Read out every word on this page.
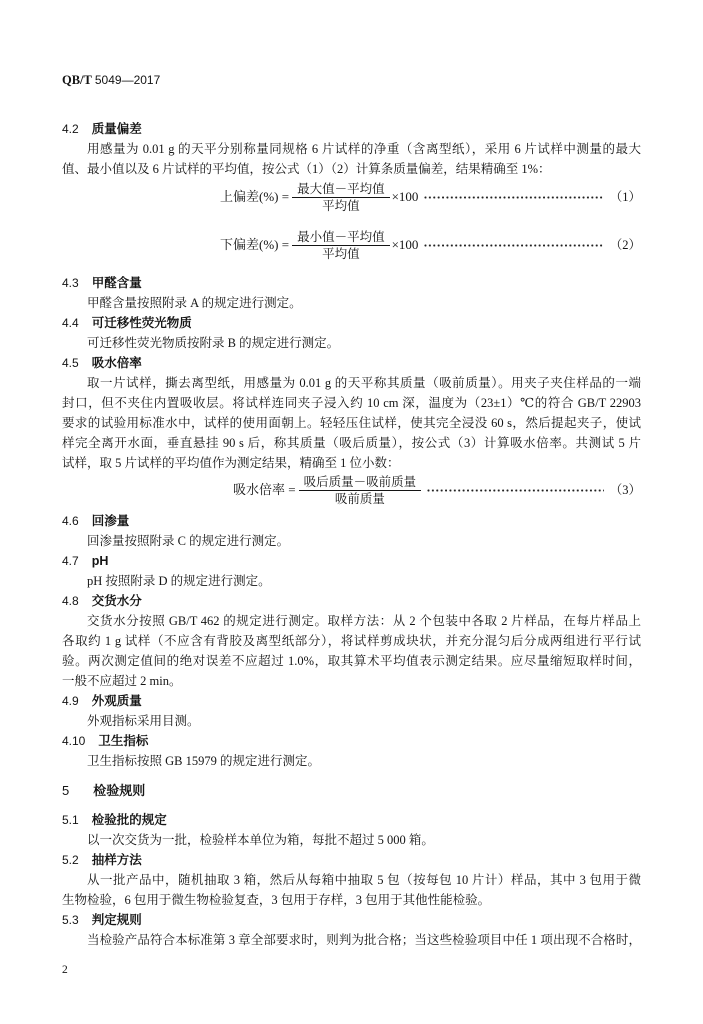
QB/T 5049—2017
4.2 质量偏差
用感量为 0.01 g 的天平分别称量同规格 6 片试样的净重（含离型纸），采用 6 片试样中测量的最大
值、最小值以及 6 片试样的平均值，按公式（1）（2）计算条质量偏差，结果精确至 1%：
上偏差(%) = $\frac{\text{最大值－平均值}}{\text{平均值}} \times 100$	（1）
下偏差(%) = $\frac{\text{最小值－平均值}}{\text{平均值}} \times 100$	（2）
4.3 甲醛含量
甲醛含量按照附录 A 的规定进行测定。
4.4 可迁移性荧光物质
可迁移性荧光物质按附录 B 的规定进行测定。
4.5 吸水倍率
取一片试样，撕去离型纸，用感量为 0.01 g 的天平称其质量（吸前质量）。用夹子夹住样品的一端
封口，但不夹住内置吸收层。将试样连同夹子浸入约 10 cm 深，温度为（23±1）℃的符合 GB/T 22903
要求的试验用标准水中，试样的使用面朝上。轻轻压住试样，使其完全浸没 60 s，然后提起夹子，使试
样完全离开水面，垂直悬挂 90 s 后，称其质量（吸后质量），按公式（3）计算吸水倍率。共测试 5 片
试样，取 5 片试样的平均值作为测定结果，精确至 1 位小数：
吸水倍率 = $\frac{\text{吸后质量－吸前质量}}{\text{吸前质量}}$	（3）
4.6 回渗量
回渗量按照附录 C 的规定进行测定。
4.7 pH
pH 按照附录 D 的规定进行测定。
4.8 交货水分
交货水分按照 GB/T 462 的规定进行测定。取样方法：从 2 个包装中各取 2 片样品，在每片样品上
各取约 1 g 试样（不应含有背胶及离型纸部分），将试样剪成块状，并充分混匀后分成两组进行平行试
验。两次测定值间的绝对误差不应超过 1.0%，取其算术平均值表示测定结果。应尽量缩短取样时间，
一般不应超过 2 min。
4.9 外观质量
外观指标采用目测。
4.10 卫生指标
卫生指标按照 GB 15979 的规定进行测定。
5 检验规则
5.1 检验批的规定
以一次交货为一批，检验样本单位为箱，每批不超过 5 000 箱。
5.2 抽样方法
从一批产品中，随机抽取 3 箱，然后从每箱中抽取 5 包（按每包 10 片计）样品，其中 3 包用于微
生物检验，6 包用于微生物检验复查，3 包用于存样，3 包用于其他性能检验。
5.3 判定规则
当检验产品符合本标准第 3 章全部要求时，则判为批合格；当这些检验项目中任 1 项出现不合格时，
2
